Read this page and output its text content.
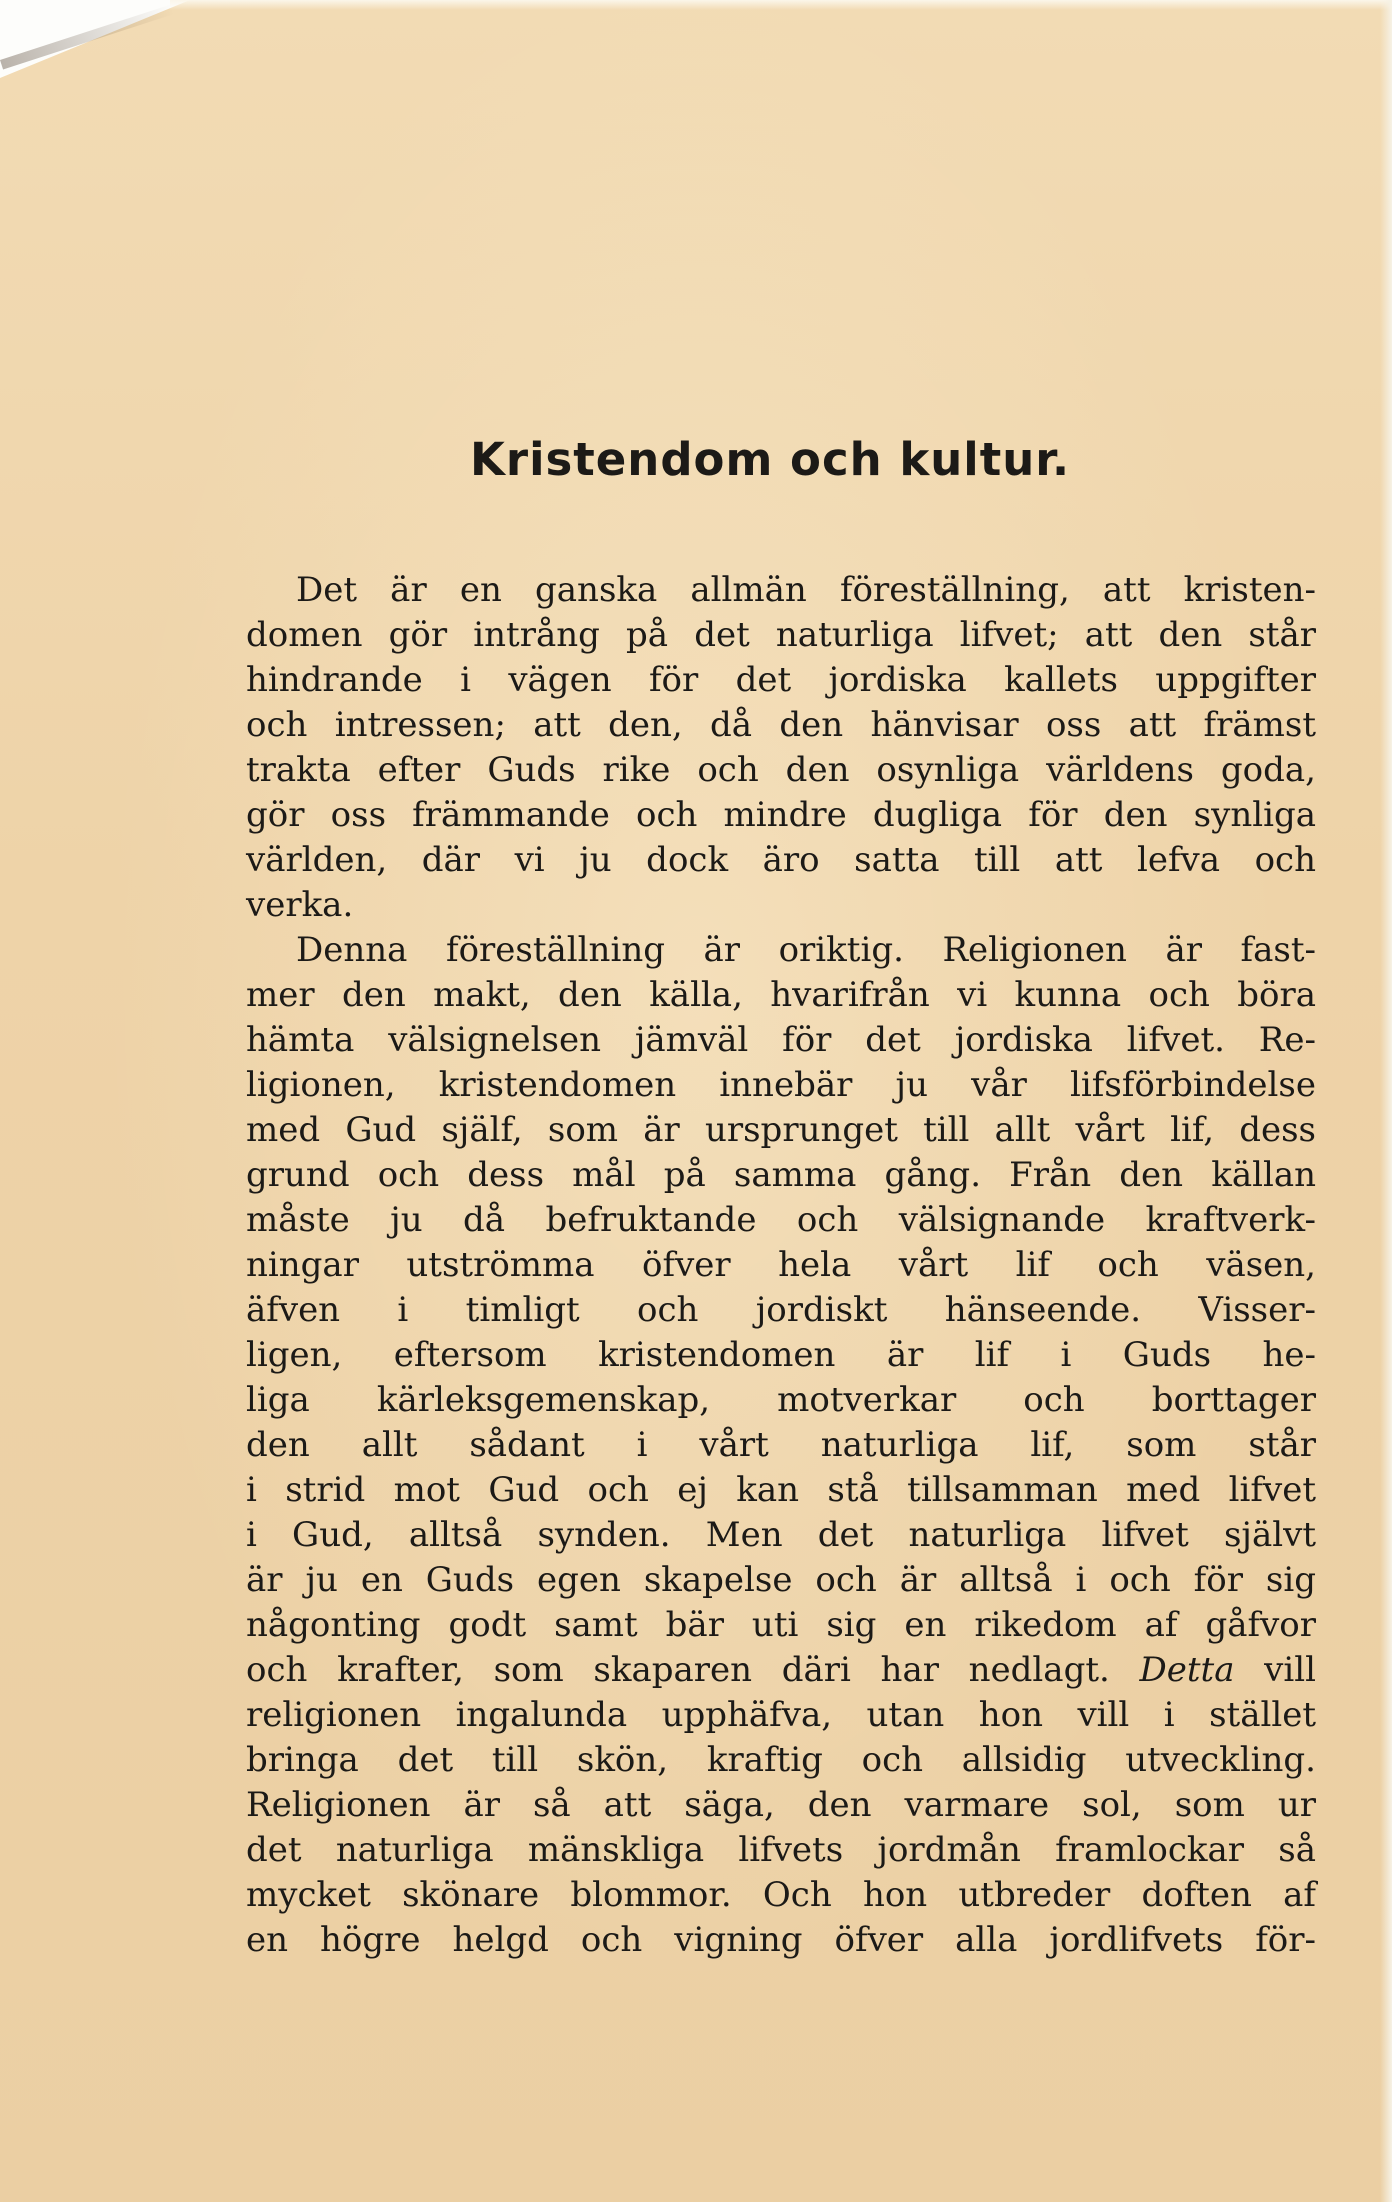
Kristendom och kultur.
Det är en ganska allmän föreställning, att kristen-
domen gör intrång på det naturliga lifvet; att den står
hindrande i vägen för det jordiska kallets uppgifter
och intressen; att den, då den hänvisar oss att främst
trakta efter Guds rike och den osynliga världens goda,
gör oss främmande och mindre dugliga för den synliga
världen, där vi ju dock äro satta till att lefva och
verka.
Denna föreställning är oriktig. Religionen är fast-
mer den makt, den källa, hvarifrån vi kunna och böra
hämta välsignelsen jämväl för det jordiska lifvet. Re-
ligionen, kristendomen innebär ju vår lifsförbindelse
med Gud själf, som är ursprunget till allt vårt lif, dess
grund och dess mål på samma gång. Från den källan
måste ju då befruktande och välsignande kraftverk-
ningar utströmma öfver hela vårt lif och väsen,
äfven i timligt och jordiskt hänseende. Visser-
ligen, eftersom kristendomen är lif i Guds he-
liga kärleksgemenskap, motverkar och borttager
den allt sådant i vårt naturliga lif, som står
i strid mot Gud och ej kan stå tillsamman med lifvet
i Gud, alltså synden. Men det naturliga lifvet självt
är ju en Guds egen skapelse och är alltså i och för sig
någonting godt samt bär uti sig en rikedom af gåfvor
och krafter, som skaparen däri har nedlagt. Detta vill
religionen ingalunda upphäfva, utan hon vill i stället
bringa det till skön, kraftig och allsidig utveckling.
Religionen är så att säga, den varmare sol, som ur
det naturliga mänskliga lifvets jordmån framlockar så
mycket skönare blommor. Och hon utbreder doften af
en högre helgd och vigning öfver alla jordlifvets för-
